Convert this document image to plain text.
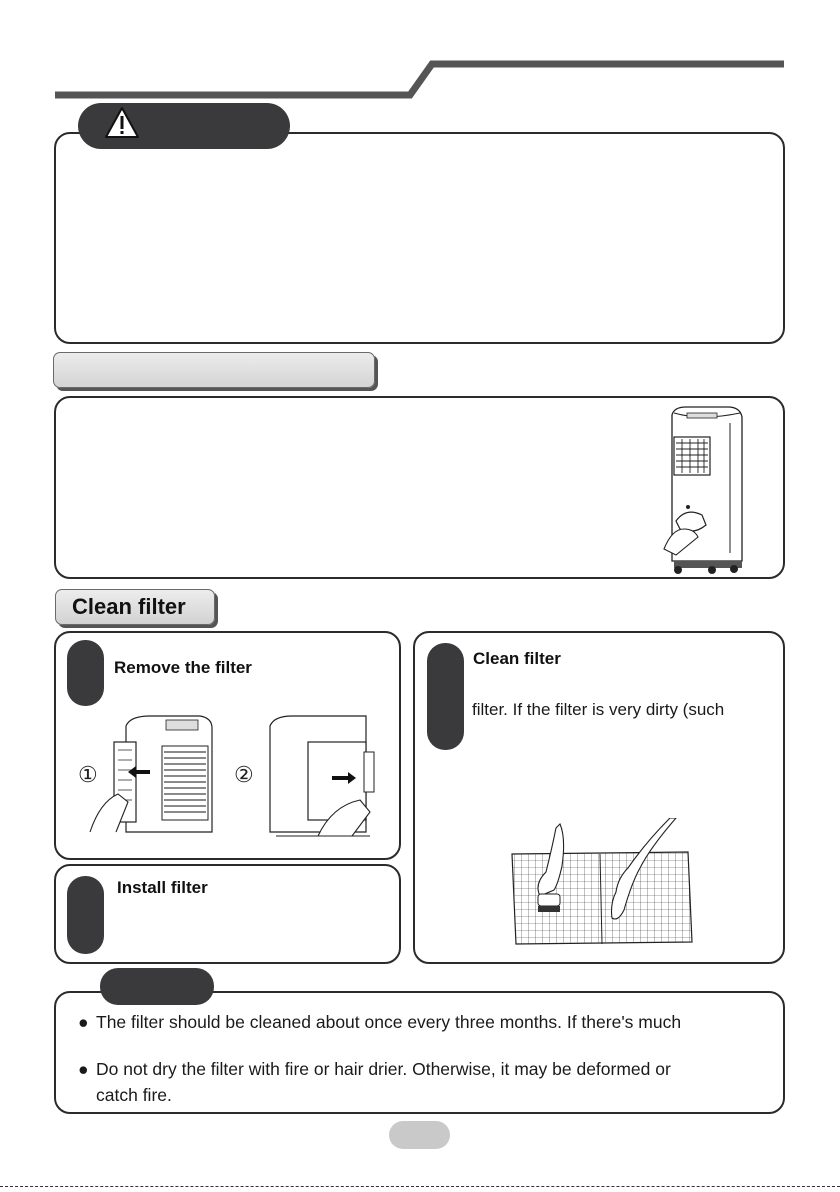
Clean filter
Remove the filter
Install filter
Clean filter
filter. If the filter is very dirty (such
①	②
● The filter should be cleaned about once every three months. If there's much
● Do not dry the filter with fire or hair drier. Otherwise, it may be deformed or
catch fire.
